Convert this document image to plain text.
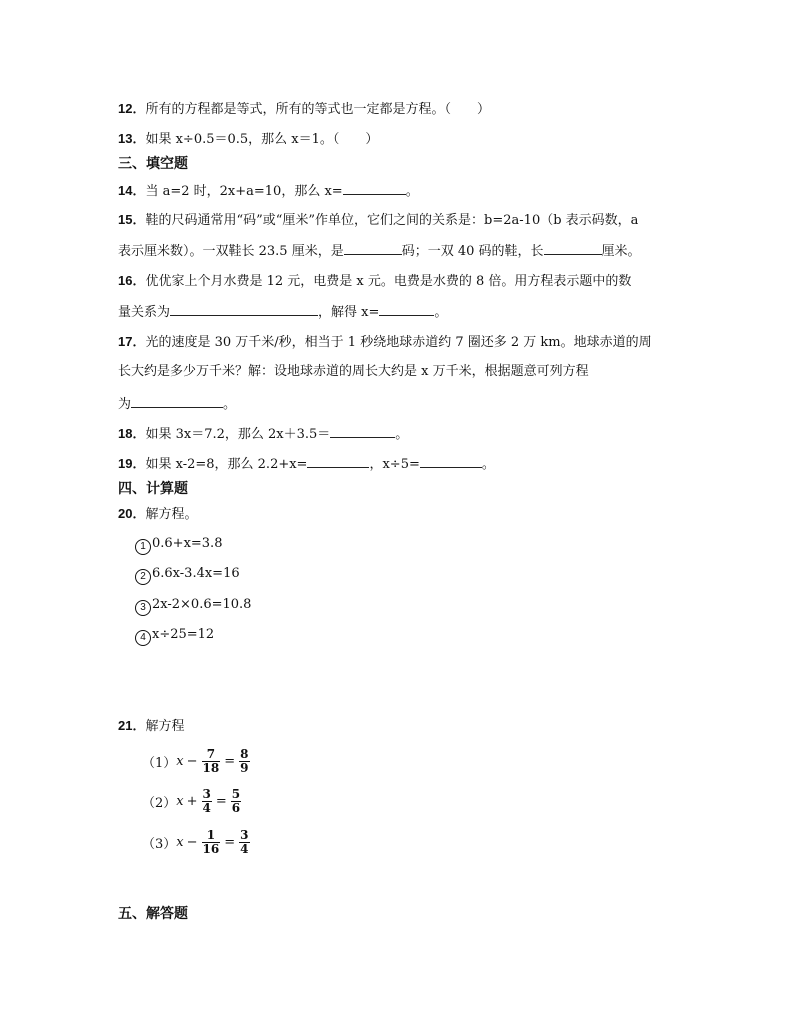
12．所有的方程都是等式，所有的等式也一定都是方程。（　　）
13．如果 x÷0.5＝0.5，那么 x＝1。（　　）
三、填空题
14．当 a=2 时，2x+a=10，那么 x=	。
15．鞋的尺码通常用“码”或“厘米”作单位，它们之间的关系是：b=2a-10（b 表示码数，a
表示厘米数）。一双鞋长 23.5 厘米，是	码；一双 40 码的鞋，长	厘米。
16．优优家上个月水费是 12 元，电费是 x 元。电费是水费的 8 倍。用方程表示题中的数
量关系为	，解得 x=	。
17．光的速度是 30 万千米/秒，相当于 1 秒绕地球赤道约 7 圈还多 2 万 km。地球赤道的周
长大约是多少万千米？解：设地球赤道的周长大约是 x 万千米，根据题意可列方程
为	。
18．如果 3x＝7.2，那么 2x＋3.5＝	。
19．如果 x-2=8，那么 2.2+x=	，x÷5=	。
四、计算题
20．解方程。
1 0.6+x=3.8
2 6.6x-3.4x=16
3 2x-2×0.6=10.8
4 x÷25=12
21．解方程
（1） $x - \frac{7}{18} = \frac{8}{9}$
（2） $x + \frac{3}{4} = \frac{5}{6}$
（3） $x - \frac{1}{16} = \frac{3}{4}$
五、解答题
